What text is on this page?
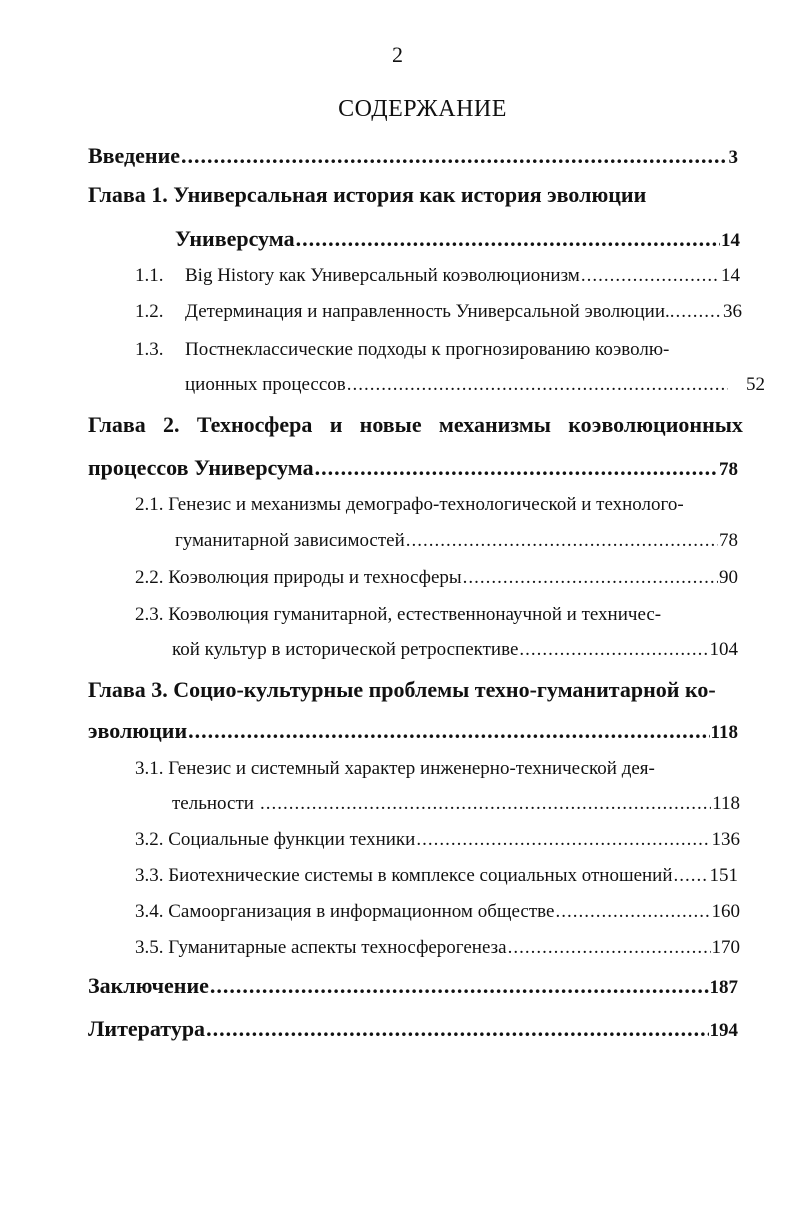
2
СОДЕРЖАНИЕ
Введение .....	3
Глава 1. Универсальная история как история эволюции
Универсума .....	14
1.1.	Big History как Универсальный коэволюционизм .....	14
1.2.	Детерминация и направленность Универсальной эволюции.. .....	36
1.3. Постнеклассические подходы к прогнозированию коэволю-
ционных процессов .....	52
Глава 2. Техносфера и новые механизмы коэволюционных
процессов Универсума .....	78
2.1. Генезис и механизмы демографо-технологической и технолого-
гуманитарной зависимостей .....	78
2.2. Коэволюция природы и техносферы .....	90
2.3. Коэволюция гуманитарной, естественнонаучной и техничес-
кой культур в исторической ретроспективе .....	104
Глава 3. Социо-культурные проблемы техно-гуманитарной ко-
эволюции .....	118
3.1. Генезис и системный характер инженерно-технической дея-
тельности .....	118
3.2. Социальные функции техники .....	136
3.3. Биотехнические системы в комплексе социальных отношений ..... 151
3.4. Самоорганизация в информационном обществе .....	160
3.5. Гуманитарные аспекты техносферогенеза .....	170
Заключение .....	187
Литература .....	194
